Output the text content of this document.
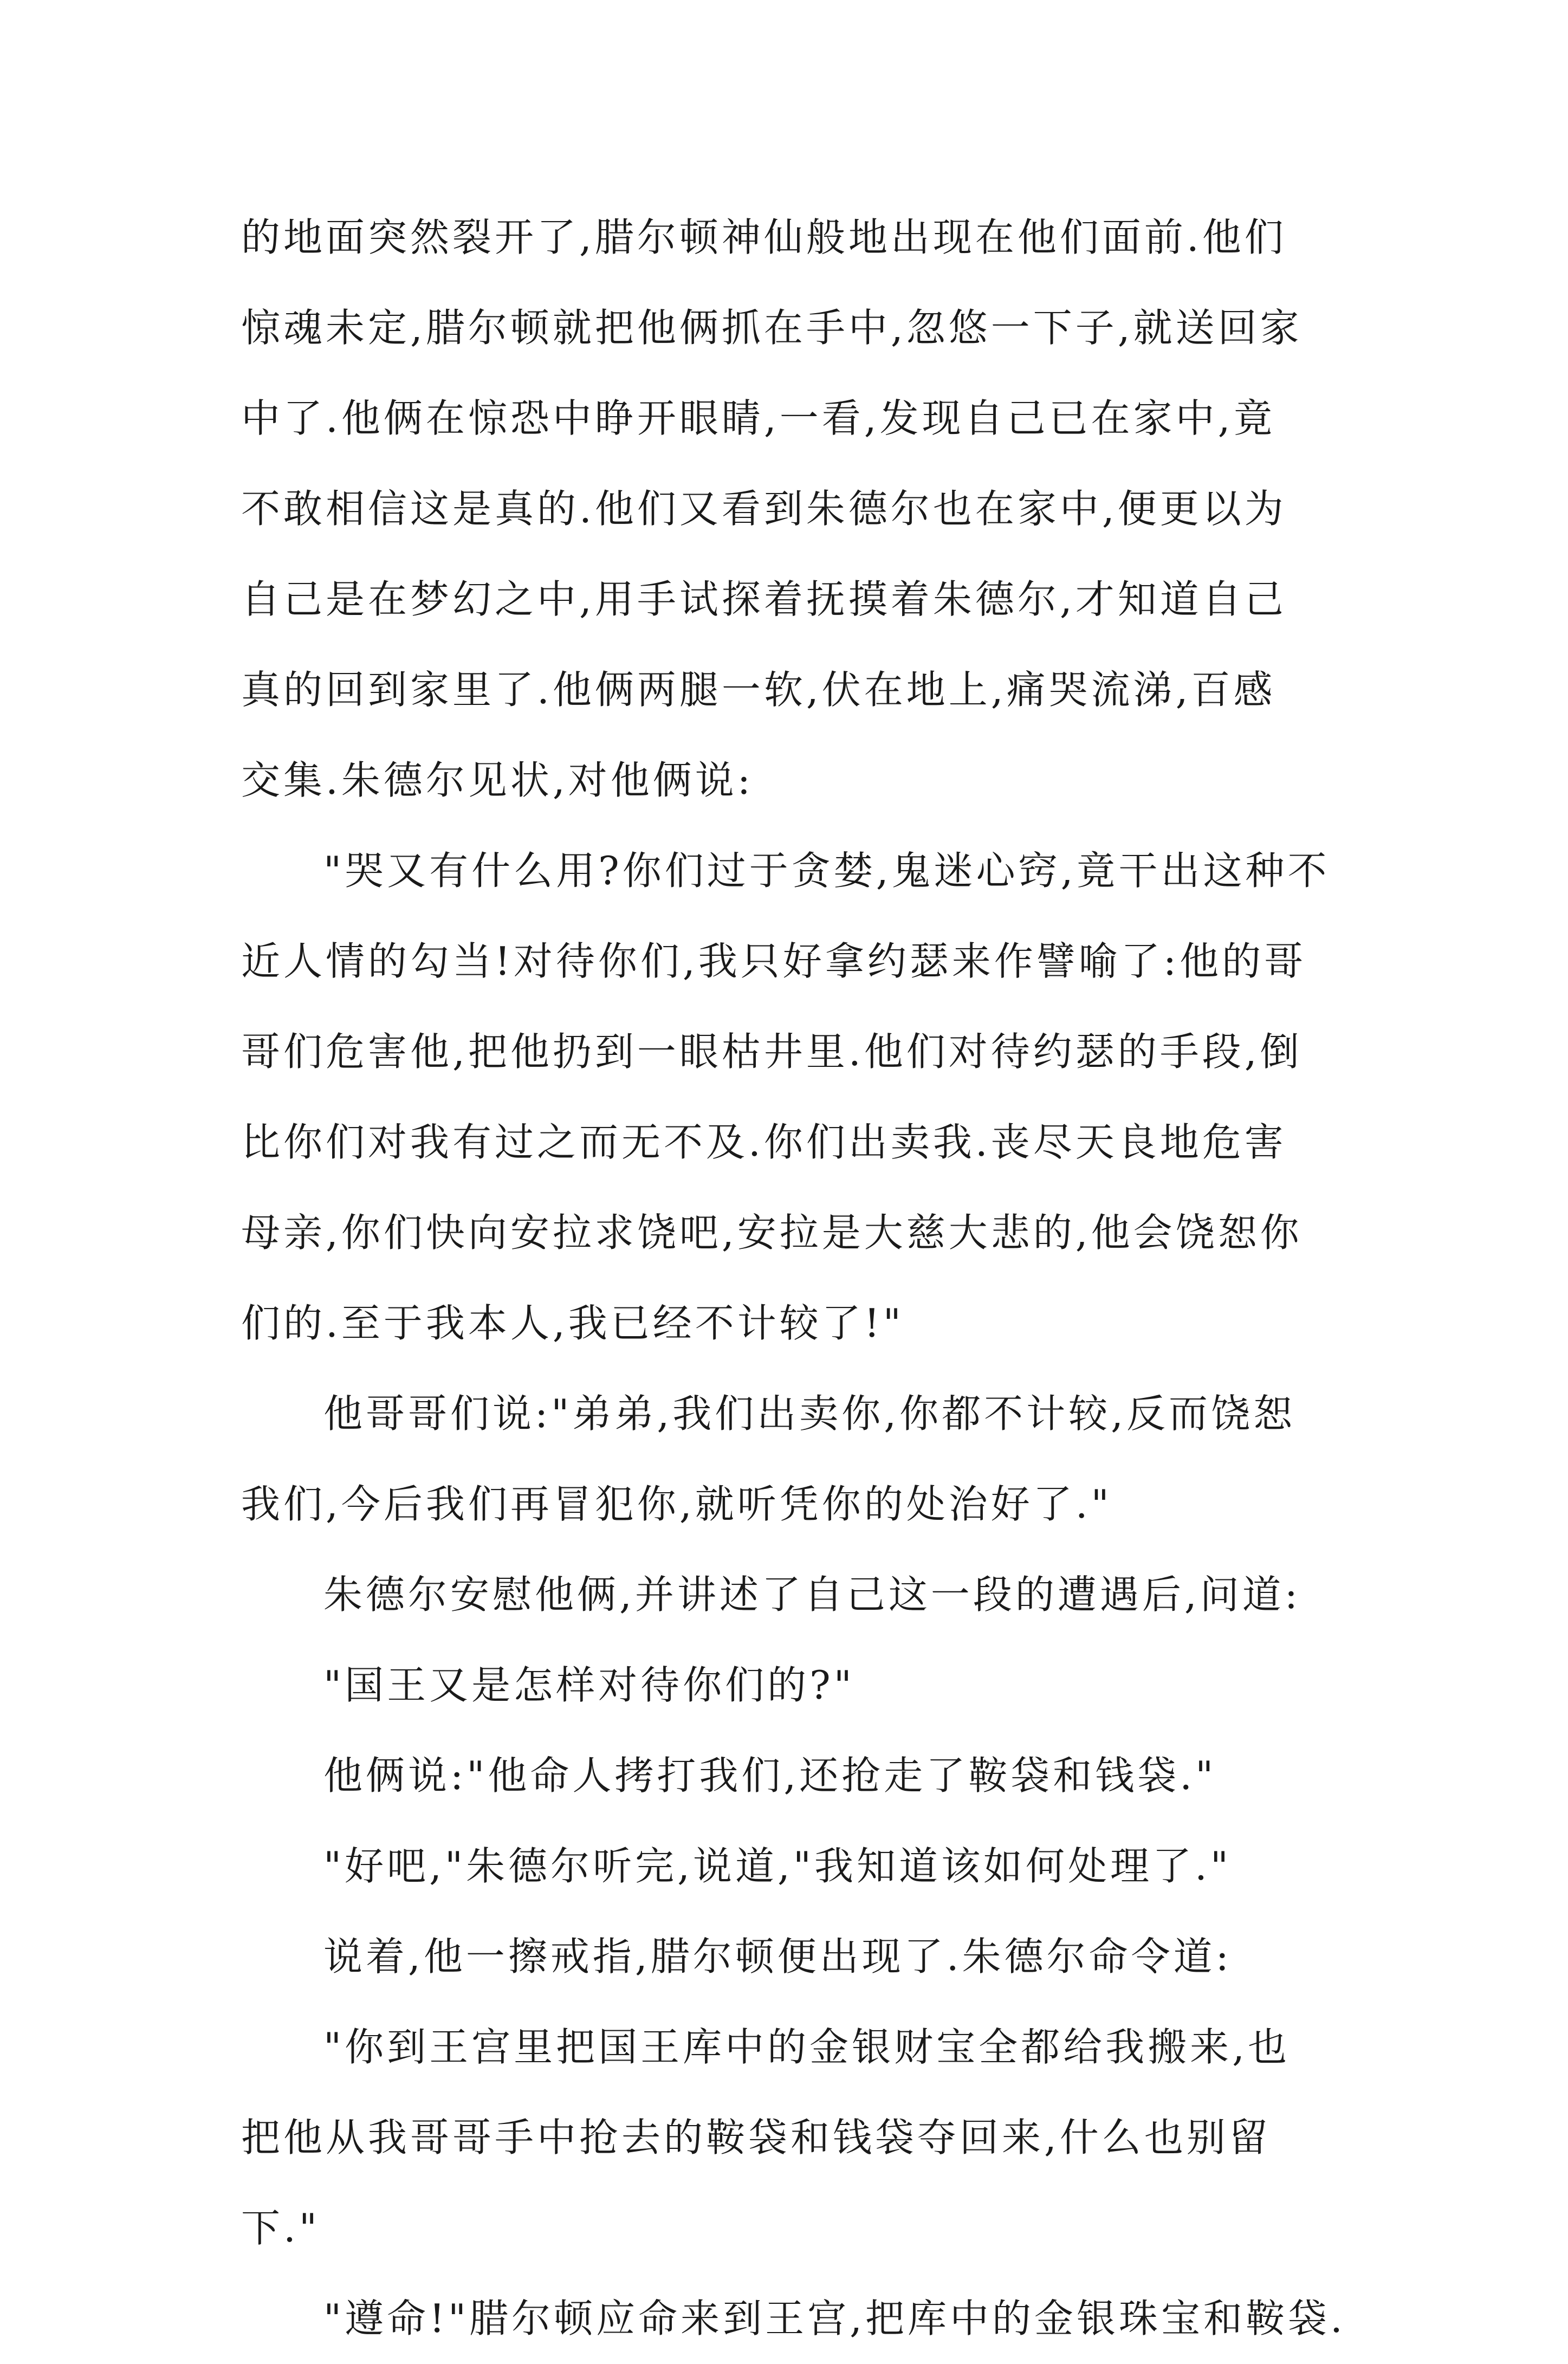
的地面突然裂开了,腊尔顿神仙般地出现在他们面前.他们
惊魂未定,腊尔顿就把他俩抓在手中,忽悠一下子,就送回家
中了.他俩在惊恐中睁开眼睛,一看,发现自己已在家中,竟
不敢相信这是真的.他们又看到朱德尔也在家中,便更以为
自己是在梦幻之中,用手试探着抚摸着朱德尔,才知道自己
真的回到家里了.他俩两腿一软,伏在地上,痛哭流涕,百感
交集.朱德尔见状,对他俩说:
"哭又有什么用?你们过于贪婪,鬼迷心窍,竟干出这种不
近人情的勾当!对待你们,我只好拿约瑟来作譬喻了:他的哥
哥们危害他,把他扔到一眼枯井里.他们对待约瑟的手段,倒
比你们对我有过之而无不及.你们出卖我.丧尽天良地危害
母亲,你们快向安拉求饶吧,安拉是大慈大悲的,他会饶恕你
们的.至于我本人,我已经不计较了!"
他哥哥们说:"弟弟,我们出卖你,你都不计较,反而饶恕
我们,今后我们再冒犯你,就听凭你的处治好了."
朱德尔安慰他俩,并讲述了自己这一段的遭遇后,问道:
"国王又是怎样对待你们的?"
他俩说:"他命人拷打我们,还抢走了鞍袋和钱袋."
"好吧,"朱德尔听完,说道,"我知道该如何处理了."
说着,他一擦戒指,腊尔顿便出现了.朱德尔命令道:
"你到王宫里把国王库中的金银财宝全都给我搬来,也
把他从我哥哥手中抢去的鞍袋和钱袋夺回来,什么也别留
下."
"遵命!"腊尔顿应命来到王宫,把库中的金银珠宝和鞍袋.
